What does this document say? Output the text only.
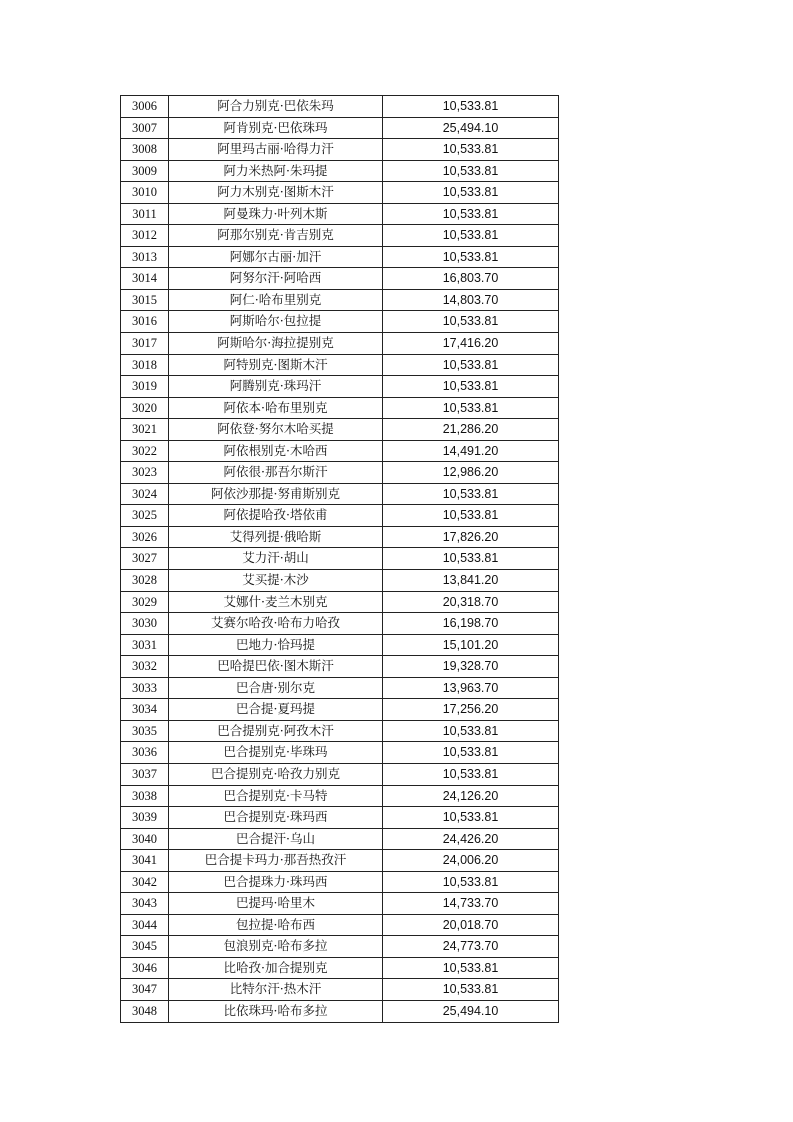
3006	阿合力别克·巴依朱玛	10,533.81
3007	阿肯别克·巴依珠玛	25,494.10
3008	阿里玛古丽·哈得力汗	10,533.81
3009	阿力米热阿·朱玛提	10,533.81
3010	阿力木别克·图斯木汗	10,533.81
3011	阿曼珠力·叶列木斯	10,533.81
3012	阿那尔别克·肯吉别克	10,533.81
3013	阿娜尔古丽·加汗	10,533.81
3014	阿努尔汗·阿哈西	16,803.70
3015	阿仁·哈布里别克	14,803.70
3016	阿斯哈尔·包拉提	10,533.81
3017	阿斯哈尔·海拉提别克	17,416.20
3018	阿特别克·图斯木汗	10,533.81
3019	阿腾别克·珠玛汗	10,533.81
3020	阿依本·哈布里别克	10,533.81
3021	阿依登·努尔木哈买提	21,286.20
3022	阿依根别克·木哈西	14,491.20
3023	阿依很·那吾尔斯汗	12,986.20
3024	阿依沙那提·努甫斯别克	10,533.81
3025	阿依提哈孜·塔依甫	10,533.81
3026	艾得列提·俄哈斯	17,826.20
3027	艾力汗·胡山	10,533.81
3028	艾买提·木沙	13,841.20
3029	艾娜什·麦兰木别克	20,318.70
3030	艾赛尔哈孜·哈布力哈孜	16,198.70
3031	巴地力·恰玛提	15,101.20
3032	巴哈提巴依·图木斯汗	19,328.70
3033	巴合唐·别尔克	13,963.70
3034	巴合提·夏玛提	17,256.20
3035	巴合提别克·阿孜木汗	10,533.81
3036	巴合提别克·毕珠玛	10,533.81
3037	巴合提别克·哈孜力别克	10,533.81
3038	巴合提别克·卡马特	24,126.20
3039	巴合提别克·珠玛西	10,533.81
3040	巴合提汗·乌山	24,426.20
3041	巴合提卡玛力·那吾热孜汗	24,006.20
3042	巴合提珠力·珠玛西	10,533.81
3043	巴提玛·哈里木	14,733.70
3044	包拉提·哈布西	20,018.70
3045	包浪别克·哈布多拉	24,773.70
3046	比哈孜·加合提别克	10,533.81
3047	比特尔汗·热木汗	10,533.81
3048	比依珠玛·哈布多拉	25,494.10
